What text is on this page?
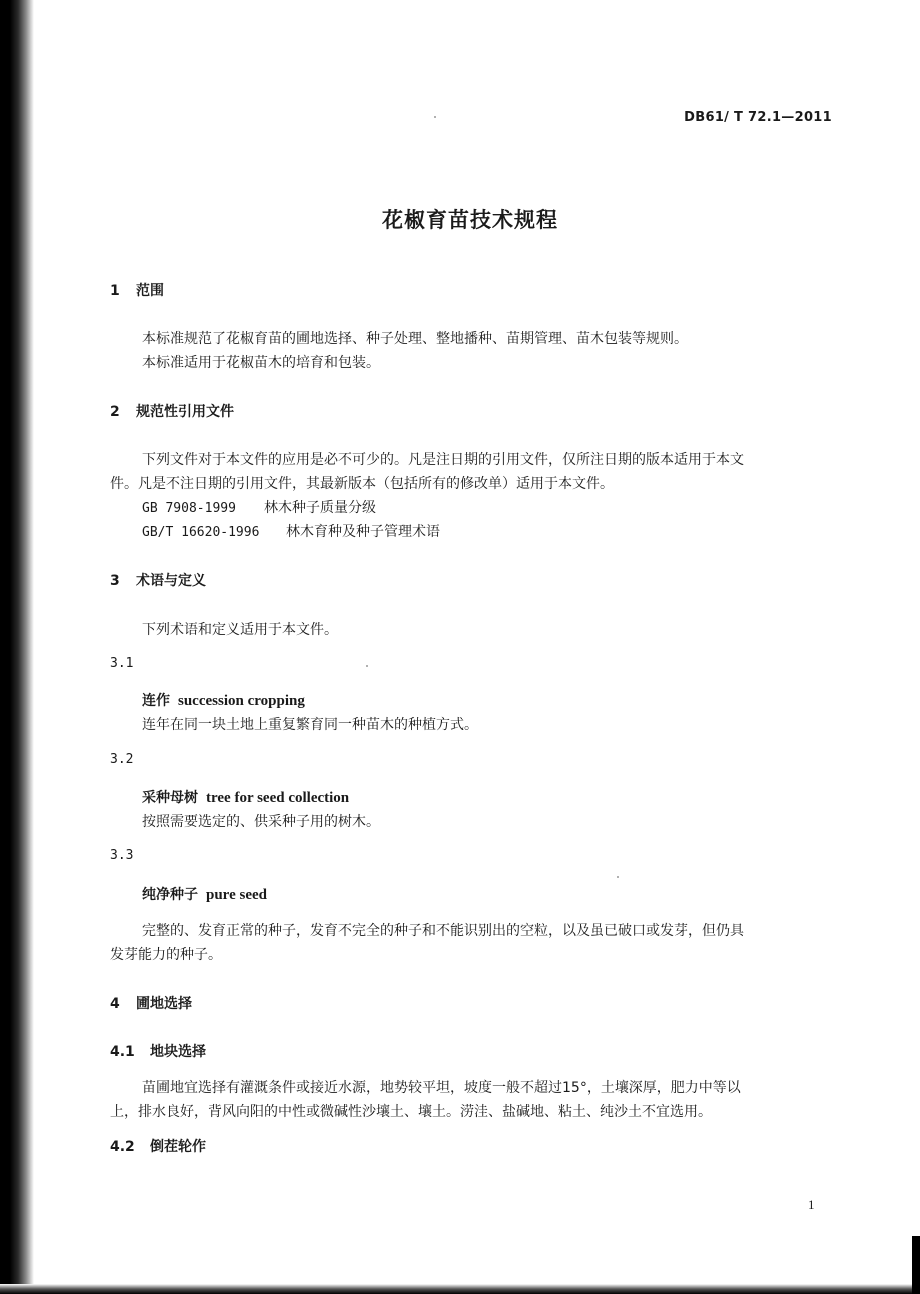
DB61/ T 72.1—2011
花椒育苗技术规程
1 范围
本标准规范了花椒育苗的圃地选择、种子处理、整地播种、苗期管理、苗木包装等规则。
本标准适用于花椒苗木的培育和包装。
2 规范性引用文件
下列文件对于本文件的应用是必不可少的。凡是注日期的引用文件，仅所注日期的版本适用于本文
件。凡是不注日期的引用文件，其最新版本（包括所有的修改单）适用于本文件。
GB 7908-1999 林木种子质量分级
GB/T 16620-1996 林木育种及种子管理术语
3 术语与定义
下列术语和定义适用于本文件。
3.1
连作 succession cropping
连年在同一块土地上重复繁育同一种苗木的种植方式。
3.2
采种母树 tree for seed collection
按照需要选定的、供采种子用的树木。
3.3
纯净种子 pure seed
完整的、发育正常的种子，发育不完全的种子和不能识别出的空粒，以及虽已破口或发芽，但仍具
发芽能力的种子。
4 圃地选择
4.1 地块选择
苗圃地宜选择有灌溉条件或接近水源，地势较平坦，坡度一般不超过15°，土壤深厚，肥力中等以
上，排水良好，背风向阳的中性或微碱性沙壤土、壤土。涝洼、盐碱地、粘土、纯沙土不宜选用。
4.2 倒茬轮作
1
